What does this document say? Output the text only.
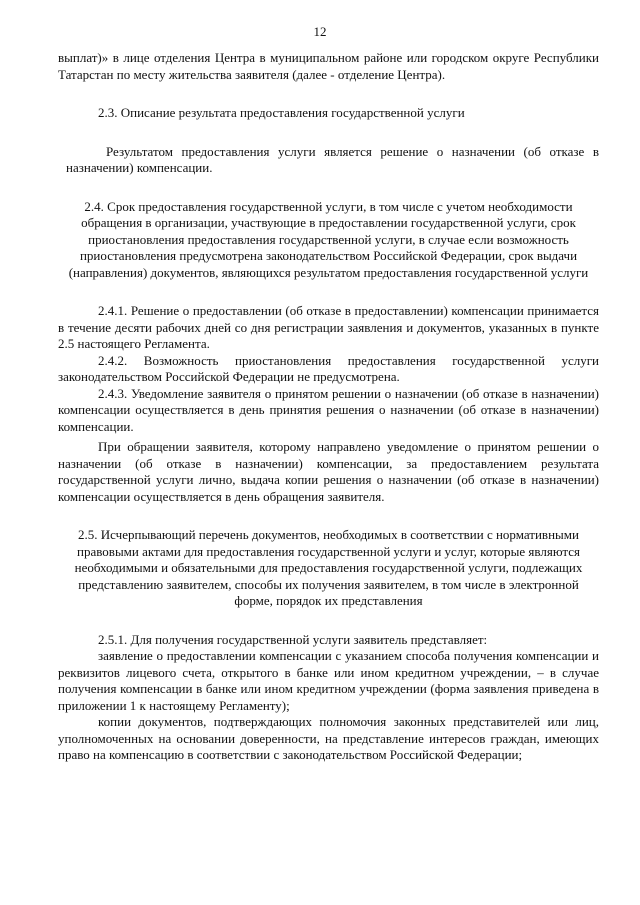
12

выплат)» в лице отделения Центра в муниципальном районе или городском округе Республики Татарстан по месту жительства заявителя (далее - отделение Центра).

2.3. Описание результата предоставления государственной услуги

Результатом предоставления услуги является решение о назначении (об отказе в назначении) компенсации.

2.4. Срок предоставления государственной услуги, в том числе с учетом необходимости обращения в организации, участвующие в предоставлении государственной услуги, срок приостановления предоставления государственной услуги, в случае если возможность приостановления предусмотрена законодательством Российской Федерации, срок выдачи (направления) документов, являющихся результатом предоставления государственной услуги

2.4.1. Решение о предоставлении (об отказе в предоставлении) компенсации принимается в течение десяти рабочих дней со дня регистрации заявления и документов, указанных в пункте 2.5 настоящего Регламента.

2.4.2. Возможность приостановления предоставления государственной услуги законодательством Российской Федерации не предусмотрена.

2.4.3. Уведомление заявителя о принятом решении о назначении (об отказе в назначении) компенсации осуществляется в день принятия решения о назначении (об отказе в назначении) компенсации.

При обращении заявителя, которому направлено уведомление о принятом решении о назначении (об отказе в назначении) компенсации, за предоставлением результата государственной услуги лично, выдача копии решения о назначении (об отказе в назначении) компенсации осуществляется в день обращения заявителя.

2.5. Исчерпывающий перечень документов, необходимых в соответствии с нормативными правовыми актами для предоставления государственной услуги и услуг, которые являются необходимыми и обязательными для предоставления государственной услуги, подлежащих представлению заявителем, способы их получения заявителем, в том числе в электронной форме, порядок их представления

2.5.1. Для получения государственной услуги заявитель представляет:

заявление о предоставлении компенсации с указанием способа получения компенсации и реквизитов лицевого счета, открытого в банке или ином кредитном учреждении, – в случае получения компенсации в банке или ином кредитном учреждении (форма заявления приведена в приложении 1 к настоящему Регламенту);

копии документов, подтверждающих полномочия законных представителей или лиц, уполномоченных на основании доверенности, на представление интересов граждан, имеющих право на компенсацию в соответствии с законодательством Российской Федерации;
